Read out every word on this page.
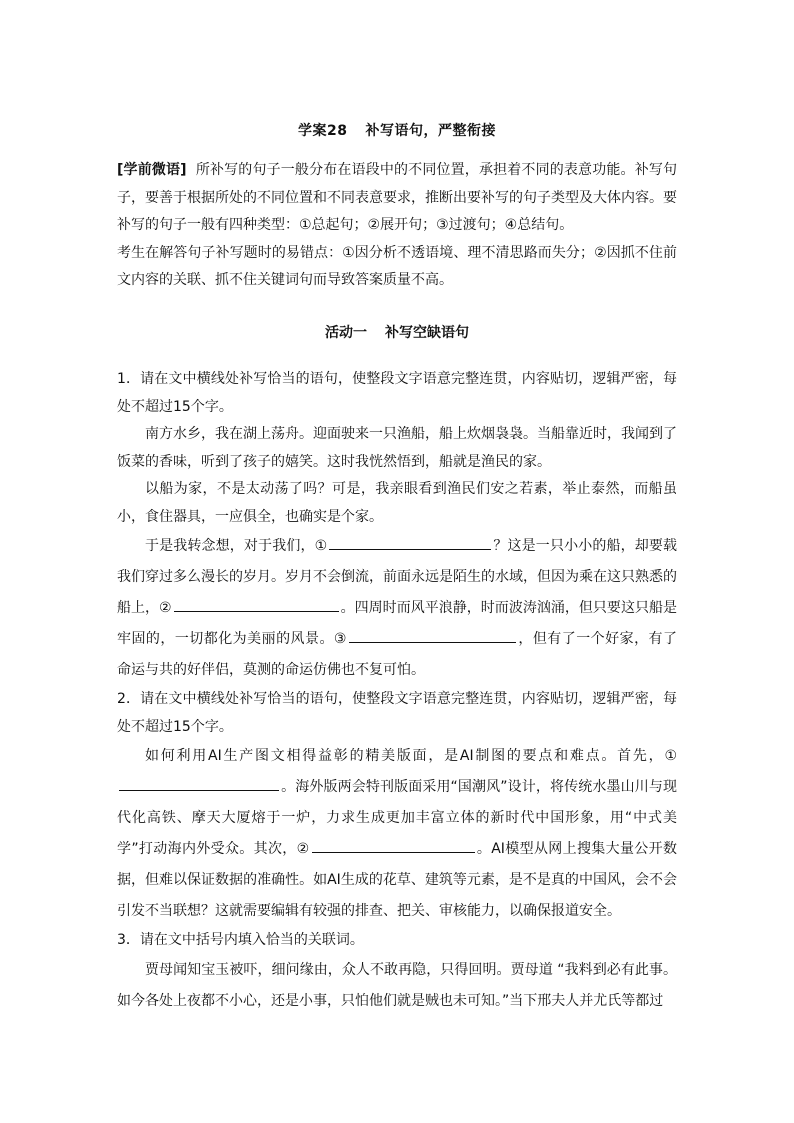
学案28 补写语句，严整衔接

[学前微语] 所补写的句子一般分布在语段中的不同位置，承担着不同的表意功能。补写句子，要善于根据所处的不同位置和不同表意要求，推断出要补写的句子类型及大体内容。要补写的句子一般有四种类型：①总起句；②展开句；③过渡句；④总结句。

考生在解答句子补写题时的易错点：①因分析不透语境、理不清思路而失分；②因抓不住前文内容的关联、抓不住关键词句而导致答案质量不高。

活动一 补写空缺语句

1．请在文中横线处补写恰当的语句，使整段文字语意完整连贯，内容贴切，逻辑严密，每处不超过15个字。

南方水乡，我在湖上荡舟。迎面驶来一只渔船，船上炊烟袅袅。当船靠近时，我闻到了饭菜的香味，听到了孩子的嬉笑。这时我恍然悟到，船就是渔民的家。

以船为家，不是太动荡了吗？可是，我亲眼看到渔民们安之若素，举止泰然，而船虽小，食住器具，一应俱全，也确实是个家。

于是我转念想，对于我们，①	？这是一只小小的船，却要载我们穿过多么漫长的岁月。岁月不会倒流，前面永远是陌生的水域，但因为乘在这只熟悉的船上，②	。四周时而风平浪静，时而波涛汹涌，但只要这只船是牢固的，一切都化为美丽的风景。③	，但有了一个好家，有了命运与共的好伴侣，莫测的命运仿佛也不复可怕。

2．请在文中横线处补写恰当的语句，使整段文字语意完整连贯，内容贴切，逻辑严密，每处不超过15个字。

如何利用AI生产图文相得益彰的精美版面，是AI制图的要点和难点。首先，①。海外版两会特刊版面采用“国潮风”设计，将传统水墨山川与现代化高铁、摩天大厦熔于一炉，力求生成更加丰富立体的新时代中国形象，用“中式美学”打动海内外受众。其次，②	。AI模型从网上搜集大量公开数据，但难以保证数据的准确性。如AI生成的花草、建筑等元素，是不是真的中国风，会不会引发不当联想？这就需要编辑有较强的排查、把关、审核能力，以确保报道安全。

3．请在文中括号内填入恰当的关联词。

贾母闻知宝玉被吓，细问缘由，众人不敢再隐，只得回明。贾母道 “我料到必有此事。如今各处上夜都不小心，还是小事，只怕他们就是贼也未可知。”当下邢夫人并尤氏等都过
